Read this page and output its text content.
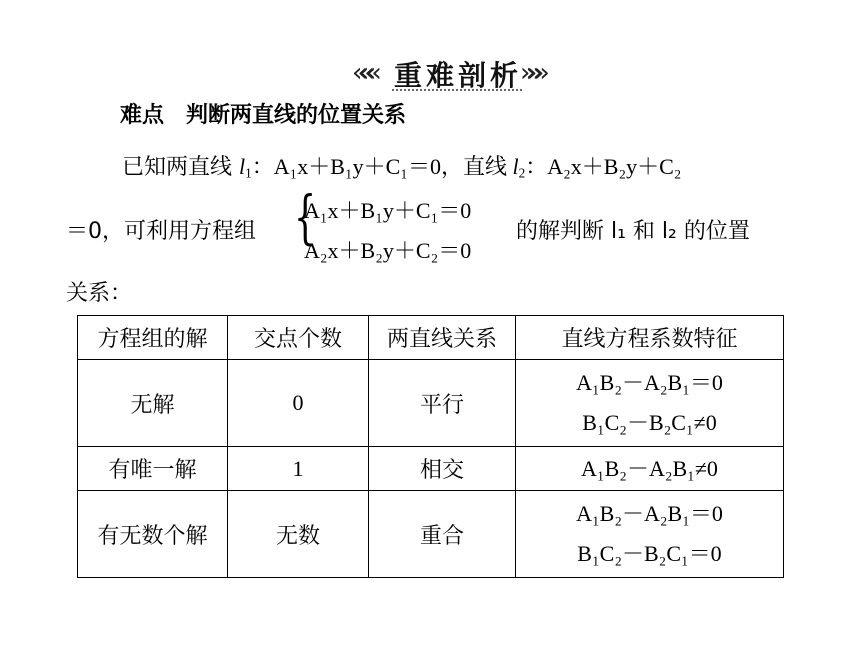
««« 重难剖析
»»»
难点 判断两直线的位置关系
已知两直线 $l_1$：A₁x＋B₁y＋C₁＝0，直线 $l_2$：A₂x＋B₂y＋C₂
＝0，可利用方程组 {
A₁x＋B₁y＋C₁＝0
A₂x＋B₂y＋C₂＝0
的解判断 l₁ 和 l₂ 的位置
关系：
方程组的解	交点个数	两直线关系	直线方程系数特征
无解	0	平行	A₁B₂－A₂B₁＝0
B₁C₂－B₂C₁≠0

有唯一解	1	相交	A₁B₂－A₂B₁≠0

有无数个解	无数	重合	A₁B₂－A₂B₁＝0
B₁C₂－B₂C₁＝0
